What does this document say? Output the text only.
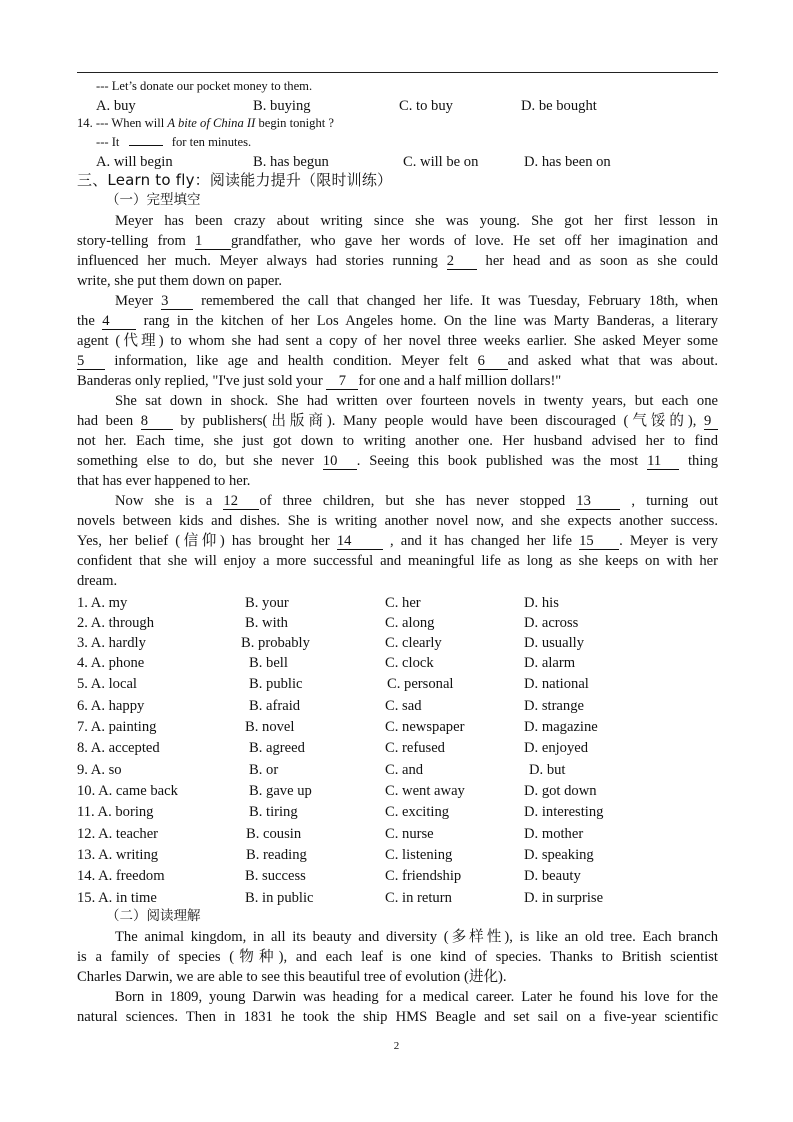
--- Let’s donate our pocket money to them.
A. buy	B. buying	C. to buy	D. be bought
14. --- When will A bite of China II begin tonight ?
--- It	for ten minutes.
A. will begin	B. has begun	C. will be on	D. has been on
三、Learn to fly：阅读能力提升（限时训练）
（一）完型填空
Meyer has been crazy about writing since she was young. She got her first lesson in
story-telling from 1 grandfather, who gave her words of love. He set off her imagination and
influenced her much. Meyer always had stories running 2 her head and as soon as she could
write, she put them down on paper.
Meyer 3 remembered the call that changed her life. It was Tuesday, February 18th, when
the 4 rang in the kitchen of her Los Angeles home. On the line was Marty Banderas, a literary
agent (代理) to whom she had sent a copy of her novel three weeks earlier. She asked Meyer some
5 information, like age and health condition. Meyer felt 6 and asked what that was about.
Banderas only replied, "I've just sold your 7 for one and a half million dollars!"
She sat down in shock. She had written over fourteen novels in twenty years, but each one
had been 8 by publishers(出版商). Many people would have been discouraged (气馁的), 9
not her. Each time, she just got down to writing another one. Her husband advised her to find
something else to do, but she never 10 . Seeing this book published was the most 11 thing
that has ever happened to her.
Now she is a 12 of three children, but she has never stopped 13 , turning out
novels between kids and dishes. She is writing another novel now, and she expects another success.
Yes, her belief (信仰) has brought her 14 , and it has changed her life 15 . Meyer is very
confident that she will enjoy a more successful and meaningful life as long as she keeps on with her
dream.
1. A. my	B. your	C. her	D. his
2. A. through	B. with	C. along	D. across
3. A. hardly	B. probably	C. clearly	D. usually
4. A. phone	B. bell	C. clock	D. alarm
5. A. local	B. public	C. personal	D. national
6. A. happy	B. afraid	C. sad	D. strange
7. A. painting	B. novel	C. newspaper	D. magazine
8. A. accepted	B. agreed	C. refused	D. enjoyed
9. A. so	B. or	C. and	D. but
10. A. came back	B. gave up	C. went away	D. got down
11. A. boring	B. tiring	C. exciting	D. interesting
12. A. teacher	B. cousin	C. nurse	D. mother
13. A. writing	B. reading	C. listening	D. speaking
14. A. freedom	B. success	C. friendship	D. beauty
15. A. in time	B. in public	C. in return	D. in surprise
（二）阅读理解
The animal kingdom, in all its beauty and diversity (多样性), is like an old tree. Each branch
is a family of species (物种), and each leaf is one kind of species. Thanks to British scientist
Charles Darwin, we are able to see this beautiful tree of evolution (进化).
Born in 1809, young Darwin was heading for a medical career. Later he found his love for the
natural sciences. Then in 1831 he took the ship HMS Beagle and set sail on a five-year scientific
2
